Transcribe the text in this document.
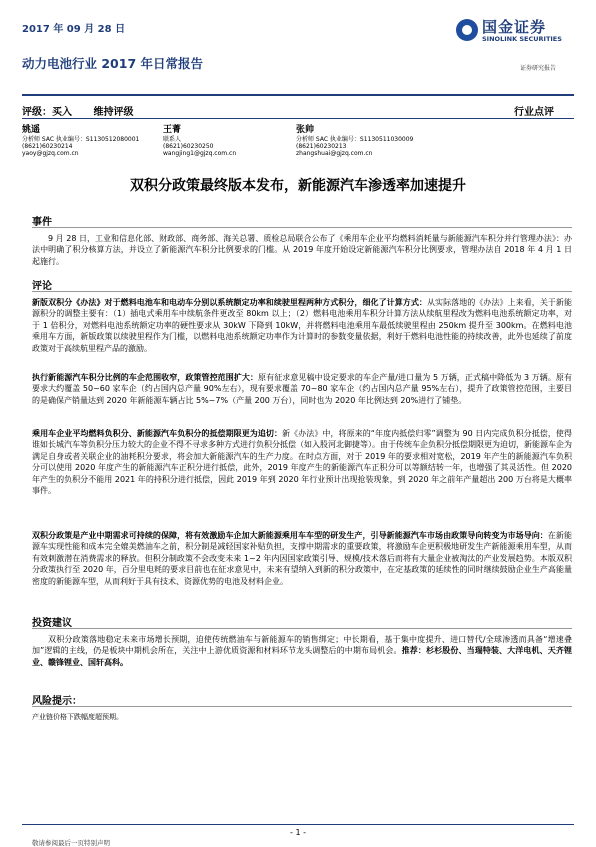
2017 年 09 月 28 日
动力电池行业 2017 年日常报告
国金证券
SINOLINK SECURITIES
证券研究报告
评级：买入 维持评级	行业点评
姚遥
分析师 SAC 执业编号：S1130512080001
(8621)60230214
yaoy@gjzq.com.cn
王菁
联系人
(8621)60230250
wangjing1@gjzq.com.cn
张帅
分析师 SAC 执业编号：S1130511030009
(8621)60230213
zhangshuai@gjzq.com.cn
双积分政策最终版本发布，新能源汽车渗透率加速提升
事件
9 月 28 日，工业和信息化部、财政部、商务部、海关总署、质检总局联合公布了《乘用车企业平均燃料消耗量与新能源汽车积分并行管理办法》：办法中明确了积分核算方法，并设立了新能源汽车积分比例要求的门槛。从 2019 年度开始设定新能源汽车积分比例要求，管理办法自 2018 年 4 月 1 日起施行。
评论
新版双积分《办法》对于燃料电池车和电动车分别以系统额定功率和续驶里程两种方式积分，细化了计算方式：从实际落地的《办法》上来看，关于新能源积分的调整主要有：（1）插电式乘用车中续航条件更改至 80km 以上；（2）燃料电池乘用车积分计算方法从续航里程改为燃料电池系统额定功率，对于 1 倍积分，对燃料电池系统额定功率的硬性要求从 30kW 下降到 10kW，并将燃料电池乘用车最低续驶里程由 250km 提升至 300km。在燃料电池乘用车方面，新版政策以续驶里程作为门槛，以燃料电池系统额定功率作为计算时的参数变量依据，利好于燃料电池性能的持续改善，此外也延续了前度政策对于高续航里程产品的激励。
执行新能源汽车积分比例的车企范围收窄，政策管控范围扩大：原有征求意见稿中设定要求的车企产量/进口量为 5 万辆，正式稿中降低为 3 万辆。原有要求大约覆盖 50~60 家车企（约占国内总产量 90%左右），现有要求覆盖 70~80 家车企（约占国内总产量 95%左右），提升了政策管控范围，主要目的是确保产销量达到 2020 年新能源车辆占比 5%~7%（产量 200 万台），同时也为 2020 年比例达到 20%进行了铺垫。
乘用车企业平均燃料负积分、新能源汽车负积分的抵偿期限更为追切：新《办法》中，将原来的“年度内抵偿归零”调整为 90 日内完成负积分抵偿，使得谁如长城汽车等负积分压力较大的企业不得不寻求多种方式进行负积分抵偿（如入股河北御捷等）。由于传统车企负积分抵偿期限更为迫切，新能源车企为满足自身或者关联企业的油耗积分要求，将会加大新能源汽车的生产力度。在时点方面，对于 2019 年的要求相对宽松，2019 年产生的新能源汽车负积分可以使用 2020 年度产生的新能源汽车正积分进行抵偿，此外，2019 年度产生的新能源汽车正积分可以等额结转一年，也增强了其灵活性。但 2020 年产生的负积分不能用 2021 年的持积分进行抵偿，因此 2019 年到 2020 年行业预计出现抢装现象，到 2020 年之前年产量超出 200 万台将是大概率事件。
双积分政策是产业中期需求可持续的保障，将有效激励车企加大新能源乘用车车型的研发生产，引导新能源汽车市场由政策导向转变为市场导向：在新能源车实现性能和成本完全媲美燃油车之前，积分制是减轻国家补贴负担，支撑中期需求的重要政策，将激励车企更积极地研发生产新能源乘用车型，从而有效刺激潜在消费需求的释放。但积分制政策不会改变未来 1~2 年内因国家政策引导、规模/技术落后而将有大量企业被淘汰的产业发展趋势。本版双积分政策执行至 2020 年，百分里电耗的要求目前也在征求意见中，未来有望纳入到新的积分政策中，在定基政策的延续性的同时继续鼓励企业生产高能量密度的新能源车型，从而利好于具有技术、资源优势的电池及材料企业。
投资建议
双积分政策落地稳定未来市场增长预期，迫使传统燃油车与新能源车的销售绑定；中长期看，基于集中度提升、进口替代/全球渗透而具备“增速叠加”逻辑的主线，仍是板块中期机会所在，关注中上游优质资源和材料环节龙头调整后的中期布局机会。推荐：杉杉股份、当瑞特装、大洋电机、天齐锂业、赣锋锂业、国轩高科。
风险提示：
产业链价格下跌幅度超预期。
- 1 -
敬请参阅最后一页特别声明
